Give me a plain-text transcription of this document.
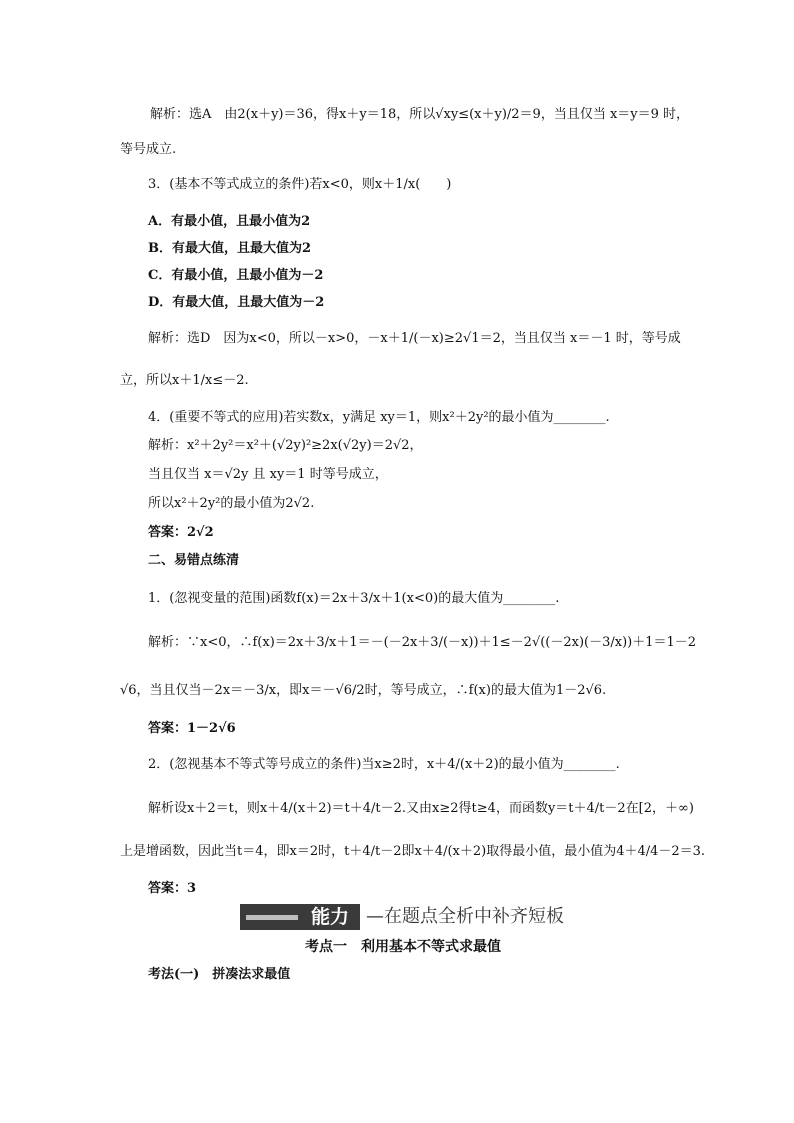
解析：选A　由2(x＋y)＝36，得x＋y＝18，所以√xy≤(x＋y)/2＝9，当且仅当 x＝y＝9 时，
等号成立.
3．(基本不等式成立的条件)若x<0，则x＋1/x(　　)
A．有最小值，且最小值为2
B．有最大值，且最大值为2
C．有最小值，且最小值为－2
D．有最大值，且最大值为－2
解析：选D　因为x<0，所以－x>0，－x＋1/(－x)≥2√1＝2，当且仅当 x＝－1 时，等号成
立，所以x＋1/x≤－2.
4．(重要不等式的应用)若实数x，y满足 xy＝1，则x²＋2y²的最小值为________.
解析：x²＋2y²＝x²＋(√2y)²≥2x(√2y)＝2√2，
当且仅当 x＝√2y 且 xy＝1 时等号成立，
所以x²＋2y²的最小值为2√2.
答案：2√2
二、易错点练清
1．(忽视变量的范围)函数f(x)＝2x＋3/x＋1(x<0)的最大值为________.
解析：∵x<0，∴f(x)＝2x＋3/x＋1＝－(－2x＋3/(－x))＋1≤－2√((－2x)(－3/x))＋1＝1－2
√6，当且仅当－2x＝－3/x，即x＝－√6/2时，等号成立，∴f(x)的最大值为1－2√6.
答案：1－2√6
2．(忽视基本不等式等号成立的条件)当x≥2时，x＋4/(x＋2)的最小值为________.
解析设x＋2＝t，则x＋4/(x＋2)＝t＋4/t－2.又由x≥2得t≥4，而函数y＝t＋4/t－2在[2，＋∞)
上是增函数，因此当t＝4，即x＝2时，t＋4/t－2即x＋4/(x＋2)取得最小值，最小值为4＋4/4－2＝3.
答案：3
能力 —在题点全析中补齐短板
考点一　利用基本不等式求最值
考法(一)　拼凑法求最值
